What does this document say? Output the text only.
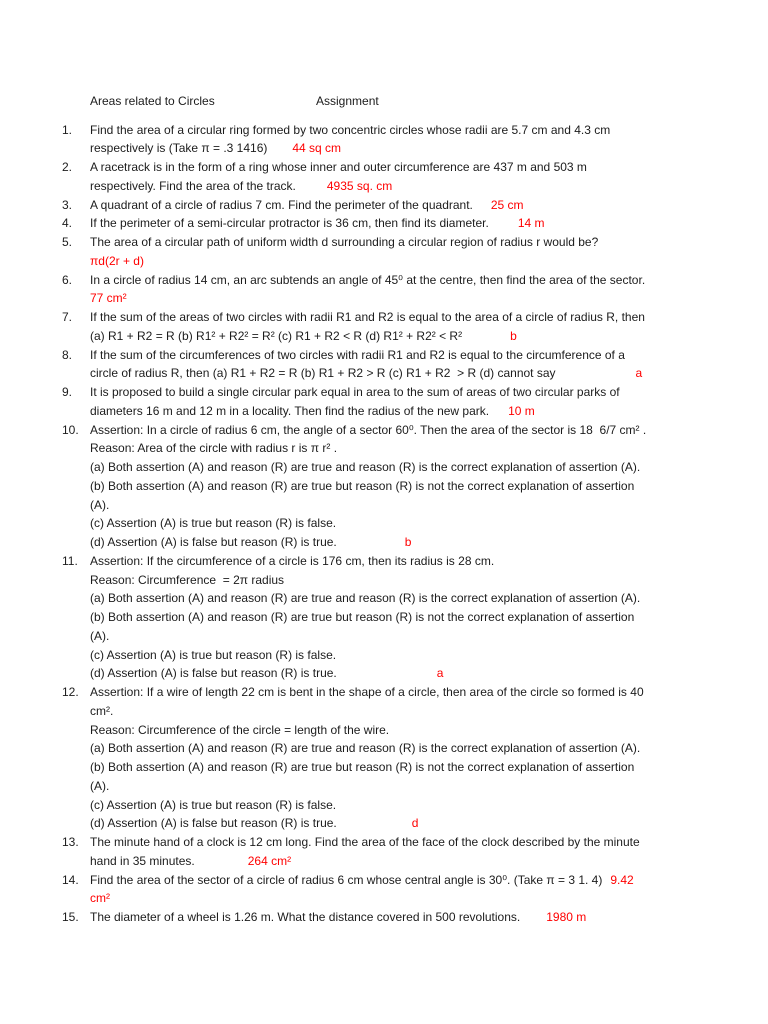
Areas related to Circles	Assignment
1. Find the area of a circular ring formed by two concentric circles whose radii are 5.7 cm and 4.3 cm
respectively is (Take π = .3 1416) 44 sq cm
2. A racetrack is in the form of a ring whose inner and outer circumference are 437 m and 503 m
respectively. Find the area of the track.	4935 sq. cm
3. A quadrant of a circle of radius 7 cm. Find the perimeter of the quadrant. 25 cm
4. If the perimeter of a semi-circular protractor is 36 cm, then find its diameter. 14 m
5. The area of a circular path of uniform width d surrounding a circular region of radius r would be?
πd(2r + d)
6. In a circle of radius 14 cm, an arc subtends an angle of 45⁰ at the centre, then find the area of the sector.
77 cm²
7. If the sum of the areas of two circles with radii R1 and R2 is equal to the area of a circle of radius R, then
(a) R1 + R2 = R (b) R1² + R2² = R² (c) R1 + R2 < R (d) R1² + R2² < R²	b
8. If the sum of the circumferences of two circles with radii R1 and R2 is equal to the circumference of a
circle of radius R, then (a) R1 + R2 = R (b) R1 + R2 > R (c) R1 + R2  > R (d) cannot say	a
9. It is proposed to build a single circular park equal in area to the sum of areas of two circular parks of
diameters 16 m and 12 m in a locality. Then find the radius of the new park. 10 m
10. Assertion: In a circle of radius 6 cm, the angle of a sector 60⁰. Then the area of the sector is 18  6/7 cm² .
Reason: Area of the circle with radius r is π r² .
(a) Both assertion (A) and reason (R) are true and reason (R) is the correct explanation of assertion (A).
(b) Both assertion (A) and reason (R) are true but reason (R) is not the correct explanation of assertion
(A).
(c) Assertion (A) is true but reason (R) is false.
(d) Assertion (A) is false but reason (R) is true.	b
11. Assertion: If the circumference of a circle is 176 cm, then its radius is 28 cm.
Reason: Circumference  = 2π radius
(a) Both assertion (A) and reason (R) are true and reason (R) is the correct explanation of assertion (A).
(b) Both assertion (A) and reason (R) are true but reason (R) is not the correct explanation of assertion
(A).
(c) Assertion (A) is true but reason (R) is false.
(d) Assertion (A) is false but reason (R) is true.	a
12. Assertion: If a wire of length 22 cm is bent in the shape of a circle, then area of the circle so formed is 40
cm².
Reason: Circumference of the circle = length of the wire.
(a) Both assertion (A) and reason (R) are true and reason (R) is the correct explanation of assertion (A).
(b) Both assertion (A) and reason (R) are true but reason (R) is not the correct explanation of assertion
(A).
(c) Assertion (A) is true but reason (R) is false.
(d) Assertion (A) is false but reason (R) is true.	d
13. The minute hand of a clock is 12 cm long. Find the area of the face of the clock described by the minute
hand in 35 minutes.	264 cm²
14. Find the area of the sector of a circle of radius 6 cm whose central angle is 30⁰. (Take π = 3 1. 4) 9.42
cm²
15. The diameter of a wheel is 1.26 m. What the distance covered in 500 revolutions. 1980 m
